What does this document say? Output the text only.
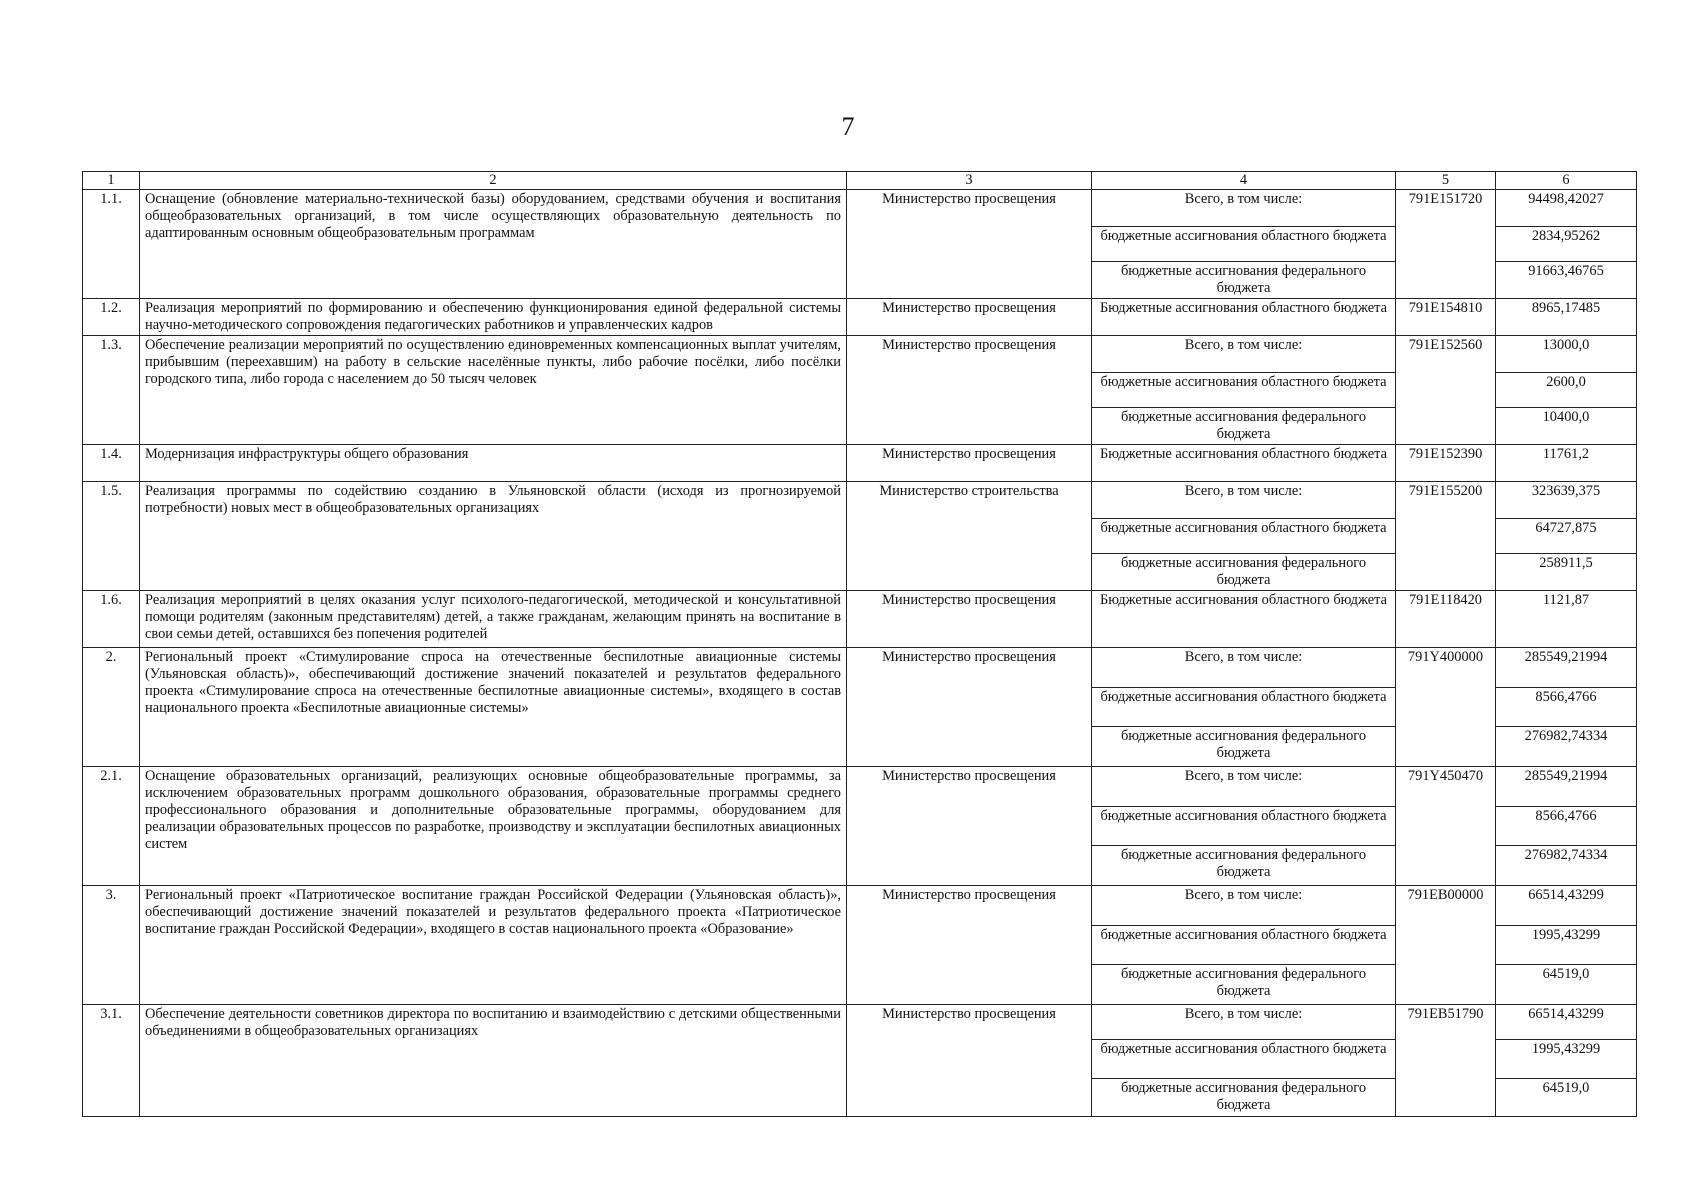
7
1	2	3	4	5	6
1.1.	Оснащение (обновление материально-технической базы) оборудованием, средствами обучения и воспитания общеобразовательных организаций, в том числе осуществляющих образовательную деятельность по адаптированным основным общеобразовательным программам	Министерство просвещения	Всего, в том числе:	791E151720	94498,42027
			бюджетные ассигнования областного бюджета		2834,95262
			бюджетные ассигнования федерального бюджета		91663,46765
1.2.	Реализация мероприятий по формированию и обеспечению функционирования единой федеральной системы научно-методического сопровождения педагогических работников и управленческих кадров	Министерство просвещения	Бюджетные ассигнования областного бюджета	791E154810	8965,17485
1.3.	Обеспечение реализации мероприятий по осуществлению единовременных компенсационных выплат учителям, прибывшим (переехавшим) на работу в сельские населённые пункты, либо рабочие посёлки, либо посёлки городского типа, либо города с населением до 50 тысяч человек	Министерство просвещения	Всего, в том числе:	791E152560	13000,0
			бюджетные ассигнования областного бюджета		2600,0
			бюджетные ассигнования федерального бюджета		10400,0
1.4.	Модернизация инфраструктуры общего образования	Министерство просвещения	Бюджетные ассигнования областного бюджета	791E152390	11761,2
1.5.	Реализация программы по содействию созданию в Ульяновской области (исходя из прогнозируемой потребности) новых мест в общеобразовательных организациях	Министерство строительства	Всего, в том числе:	791E155200	323639,375
			бюджетные ассигнования областного бюджета		64727,875
			бюджетные ассигнования федерального бюджета		258911,5
1.6.	Реализация мероприятий в целях оказания услуг психолого-педагогической, методической и консультативной помощи родителям (законным представителям) детей, а также гражданам, желающим принять на воспитание в свои семьи детей, оставшихся без попечения родителей	Министерство просвещения	Бюджетные ассигнования областного бюджета	791E118420	1121,87
2.	Региональный проект «Стимулирование спроса на отечественные беспилотные авиационные системы (Ульяновская область)», обеспечивающий достижение значений показателей и результатов федерального проекта «Стимулирование спроса на отечественные беспилотные авиационные системы», входящего в состав национального проекта «Беспилотные авиационные системы»	Министерство просвещения	Всего, в том числе:	791Y400000	285549,21994
			бюджетные ассигнования областного бюджета		8566,4766
			бюджетные ассигнования федерального бюджета		276982,74334
2.1.	Оснащение образовательных организаций, реализующих основные общеобразовательные программы, за исключением образовательных программ дошкольного образования, образовательные программы среднего профессионального образования и дополнительные образовательные программы, оборудованием для реализации образовательных процессов по разработке, производству и эксплуатации беспилотных авиационных систем	Министерство просвещения	Всего, в том числе:	791Y450470	285549,21994
			бюджетные ассигнования областного бюджета		8566,4766
			бюджетные ассигнования федерального бюджета		276982,74334
3.	Региональный проект «Патриотическое воспитание граждан Российской Федерации (Ульяновская область)», обеспечивающий достижение значений показателей и результатов федерального проекта «Патриотическое воспитание граждан Российской Федерации», входящего в состав национального проекта «Образование»	Министерство просвещения	Всего, в том числе:	791EB00000	66514,43299
			бюджетные ассигнования областного бюджета		1995,43299
			бюджетные ассигнования федерального бюджета		64519,0
3.1.	Обеспечение деятельности советников директора по воспитанию и взаимодействию с детскими общественными объединениями в общеобразовательных организациях	Министерство просвещения	Всего, в том числе:	791EB51790	66514,43299
			бюджетные ассигнования областного бюджета		1995,43299
			бюджетные ассигнования федерального бюджета		64519,0
